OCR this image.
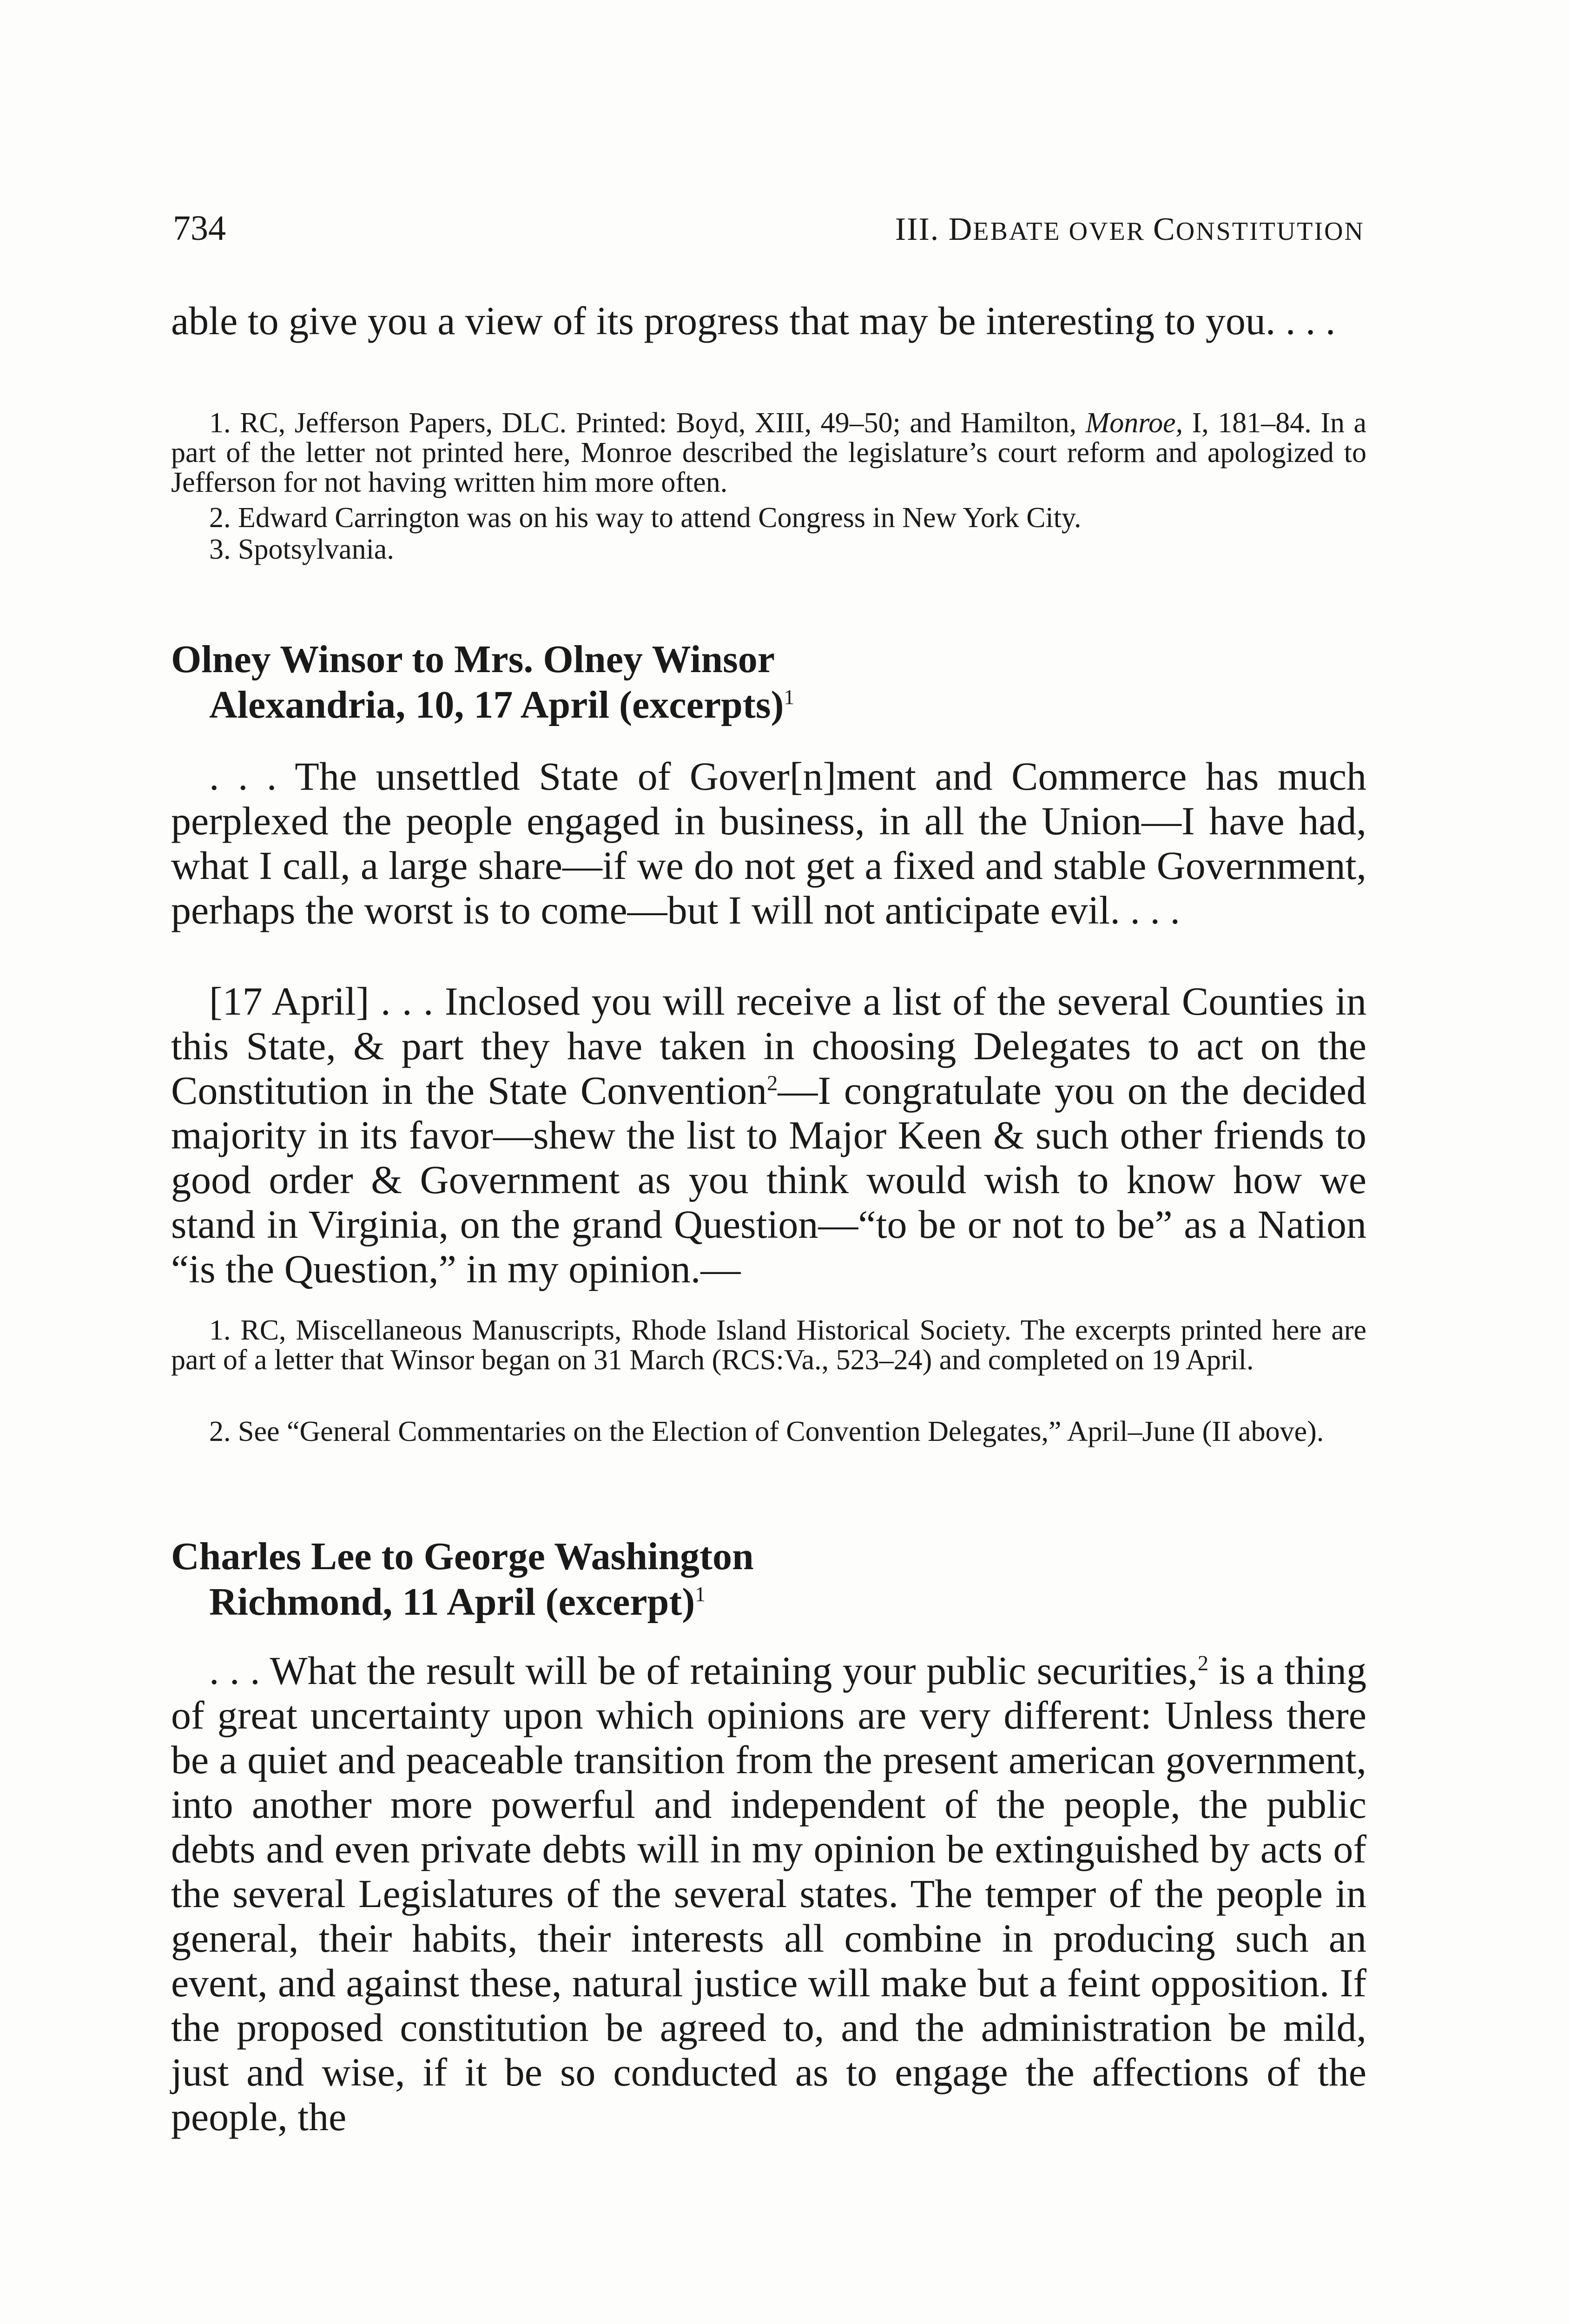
734	III. DEBATE OVER CONSTITUTION

able to give you a view of its progress that may be interesting to you. . . .

1. RC, Jefferson Papers, DLC. Printed: Boyd, XIII, 49–50; and Hamilton, Monroe, I, 181–84. In a part of the letter not printed here, Monroe described the legislature’s court reform and apologized to Jefferson for not having written him more often.

2. Edward Carrington was on his way to attend Congress in New York City.

3. Spotsylvania.

Olney Winsor to Mrs. Olney Winsor
Alexandria, 10, 17 April (excerpts)$^1$

. . . The unsettled State of Gover[n]ment and Commerce has much perplexed the people engaged in business, in all the Union—I have had, what I call, a large share—if we do not get a fixed and stable Government, perhaps the worst is to come—but I will not anticipate evil. . . .

[17 April] . . . Inclosed you will receive a list of the several Counties in this State, & part they have taken in choosing Delegates to act on the Constitution in the State Convention$^2$—I congratulate you on the decided majority in its favor—shew the list to Major Keen & such other friends to good order & Government as you think would wish to know how we stand in Virginia, on the grand Question—“to be or not to be” as a Nation “is the Question,” in my opinion.—

1. RC, Miscellaneous Manuscripts, Rhode Island Historical Society. The excerpts printed here are part of a letter that Winsor began on 31 March (RCS:Va., 523–24) and completed on 19 April.

2. See “General Commentaries on the Election of Convention Delegates,” April–June (II above).

Charles Lee to George Washington
Richmond, 11 April (excerpt)$^1$

. . . What the result will be of retaining your public securities,$^2$ is a thing of great uncertainty upon which opinions are very different: Unless there be a quiet and peaceable transition from the present american government, into another more powerful and independent of the people, the public debts and even private debts will in my opinion be extinguished by acts of the several Legislatures of the several states. The temper of the people in general, their habits, their interests all combine in producing such an event, and against these, natural justice will make but a feint opposition. If the proposed constitution be agreed to, and the administration be mild, just and wise, if it be so conducted as to engage the affections of the people, the
